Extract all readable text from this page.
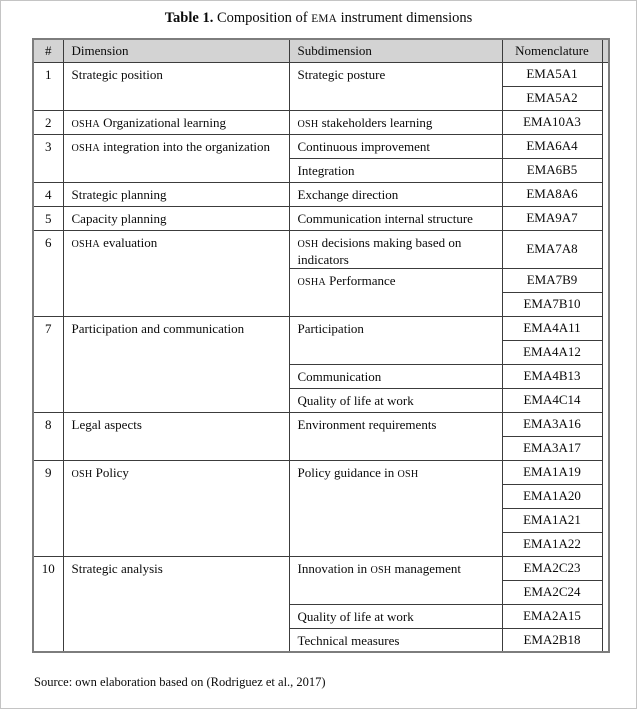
Table 1. Composition of EMA instrument dimensions
#	Dimension	Subdimension	Nomenclature	
1	Strategic position	Strategic posture	EMA5A1	
			EMA5A2	
2	OSHA Organizational learning	OSH stakeholders learning	EMA10A3	
3	OSHA integration into the organization	Continuous improvement	EMA6A4	
		Integration	EMA6B5	
4	Strategic planning	Exchange direction	EMA8A6	
5	Capacity planning	Communication internal structure	EMA9A7	
6	OSHA evaluation	OSH decisions making based on indicators	EMA7A8	
		OSHA Performance	EMA7B9	
			EMA7B10	
7	Participation and communication	Participation	EMA4A11	
			EMA4A12	
		Communication	EMA4B13	
		Quality of life at work	EMA4C14	
8	Legal aspects	Environment requirements	EMA3A16	
			EMA3A17	
9	OSH Policy	Policy guidance in OSH	EMA1A19	
			EMA1A20	
			EMA1A21	
			EMA1A22	
10	Strategic analysis	Innovation in OSH management	EMA2C23	
			EMA2C24	
		Quality of life at work	EMA2A15	
		Technical measures	EMA2B18	
Source: own elaboration based on (Rodriguez et al., 2017)
